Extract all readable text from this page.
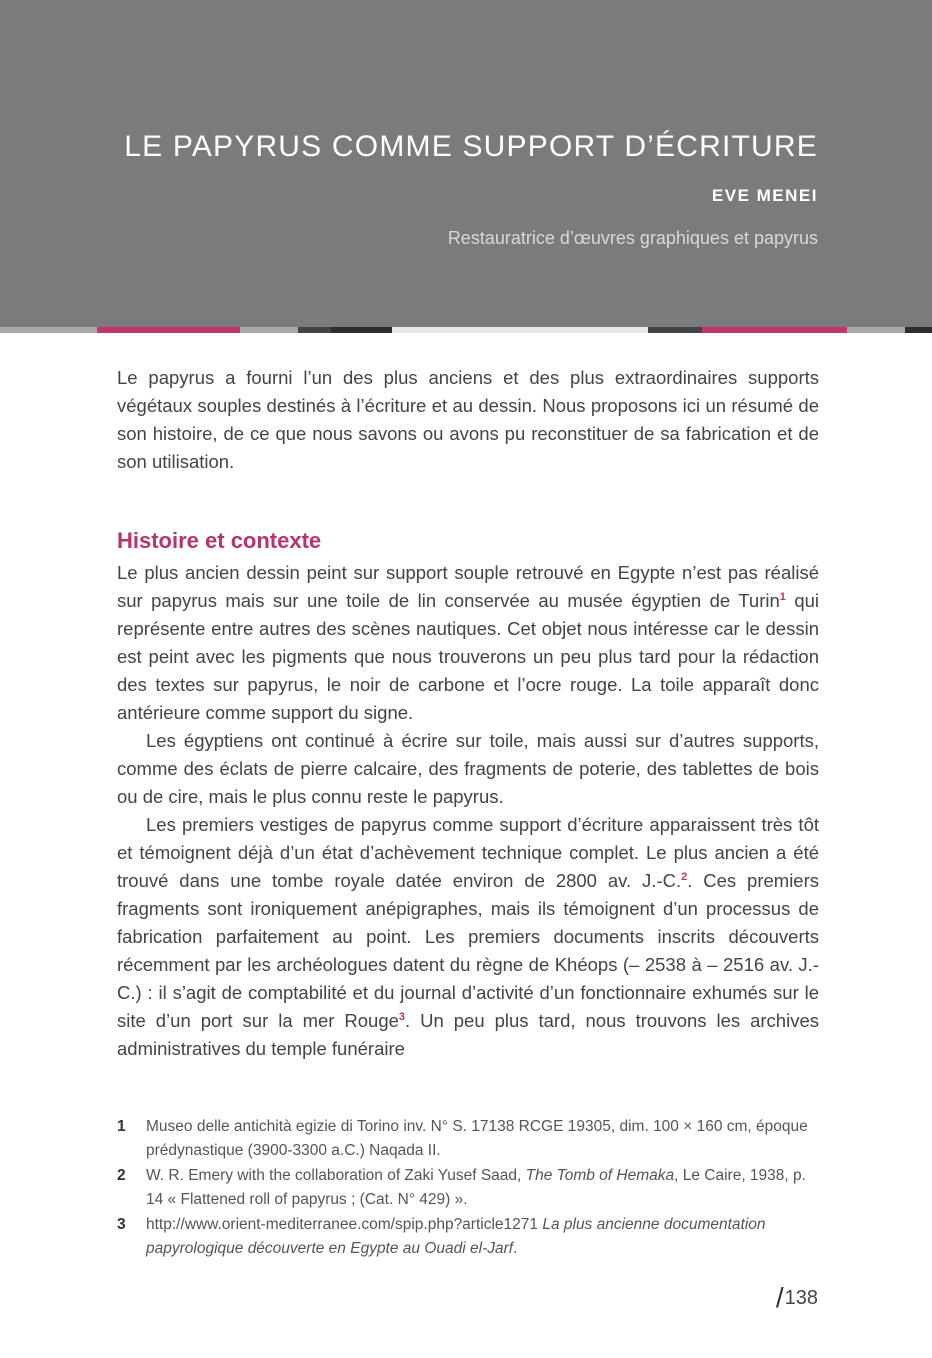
LE PAPYRUS COMME SUPPORT D’ÉCRITURE
EVE MENEI
Restauratrice d’œuvres graphiques et papyrus
Le papyrus a fourni l’un des plus anciens et des plus extraordinaires supports végétaux souples destinés à l’écriture et au dessin. Nous proposons ici un résumé de son histoire, de ce que nous savons ou avons pu reconstituer de sa fabrication et de son utilisation.
Histoire et contexte

Le plus ancien dessin peint sur support souple retrouvé en Egypte n’est pas réalisé sur papyrus mais sur une toile de lin conservée au musée égyptien de Turin$^1$ qui représente entre autres des scènes nautiques. Cet objet nous intéresse car le dessin est peint avec les pigments que nous trouverons un peu plus tard pour la rédaction des textes sur papyrus, le noir de carbone et l’ocre rouge. La toile apparaît donc antérieure comme support du signe.

Les égyptiens ont continué à écrire sur toile, mais aussi sur d’autres supports, comme des éclats de pierre calcaire, des fragments de poterie, des tablettes de bois ou de cire, mais le plus connu reste le papyrus.

Les premiers vestiges de papyrus comme support d’écriture apparaissent très tôt et témoignent déjà d’un état d’achèvement technique complet. Le plus ancien a été trouvé dans une tombe royale datée environ de 2800 av. J.-C.$^2$. Ces premiers fragments sont ironiquement anépigraphes, mais ils témoignent d’un processus de fabrication parfaitement au point. Les premiers documents inscrits découverts récemment par les archéologues datent du règne de Khéops (– 2538 à – 2516 av. J.-C.) : il s’agit de comptabilité et du journal d’activité d’un fonctionnaire exhumés sur le site d’un port sur la mer Rouge$^3$. Un peu plus tard, nous trouvons les archives administratives du temple funéraire

1 Museo delle antichità egizie di Torino inv. N° S. 17138 RCGE 19305, dim. 100 × 160 cm, époque prédynastique (3900-3300 a.C.) Naqada II.
2 W. R. Emery with the collaboration of Zaki Yusef Saad, The Tomb of Hemaka, Le Caire, 1938, p. 14 « Flattened roll of papyrus ; (Cat. N° 429) ».
3 http://www.orient-mediterranee.com/spip.php?article1271 La plus ancienne documentation papyrologique découverte en Egypte au Ouadi el-Jarf.
/138
